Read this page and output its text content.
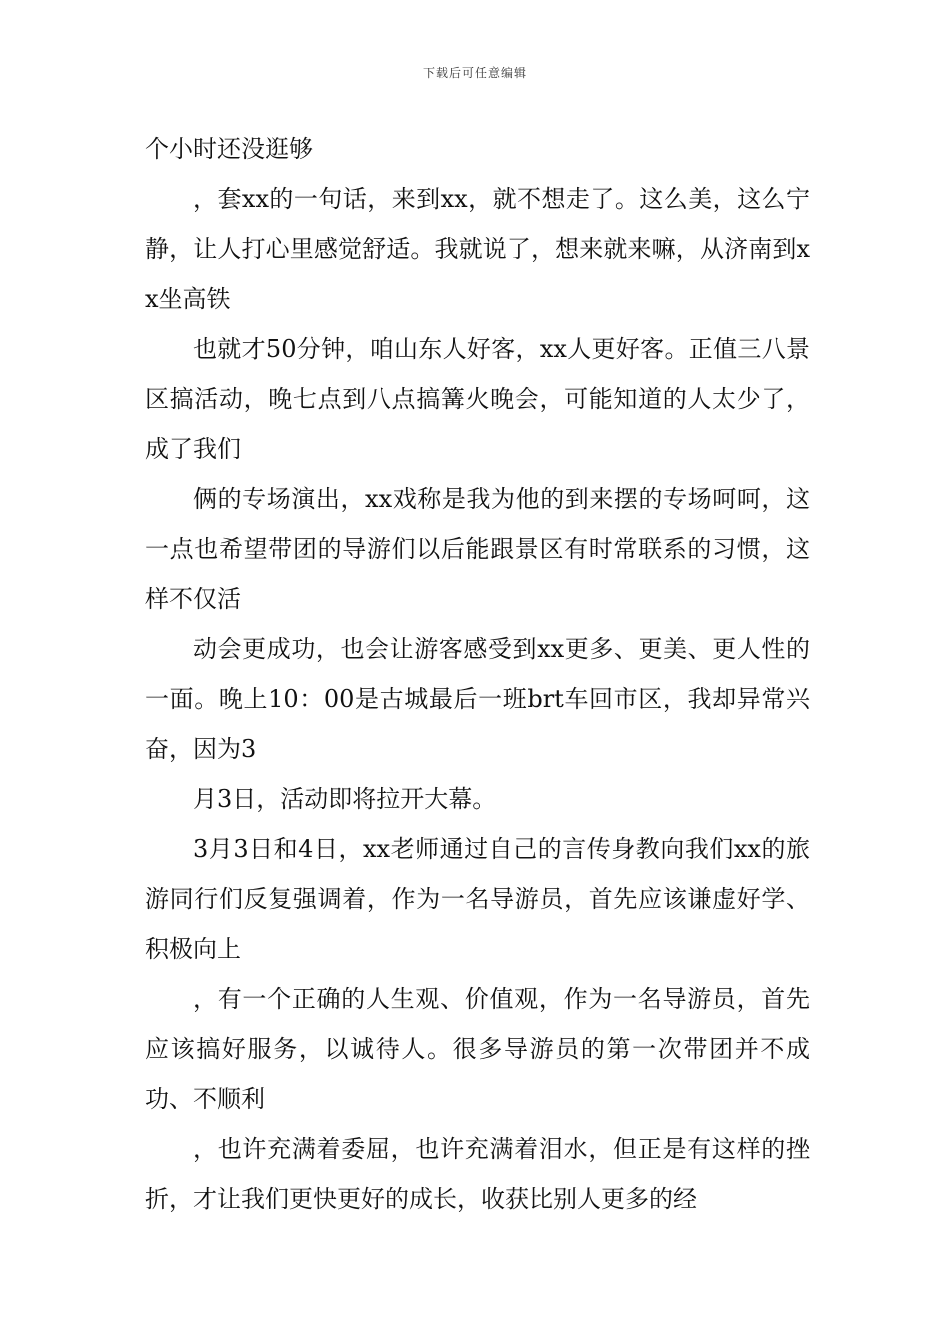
下载后可任意编辑

个小时还没逛够

，套xx的一句话，来到xx，就不想走了。这么美，这么宁静，让人打心里感觉舒适。我就说了，想来就来嘛，从济南到xx坐高铁

也就才50分钟，咱山东人好客，xx人更好客。正值三八景区搞活动，晚七点到八点搞篝火晚会，可能知道的人太少了，成了我们

俩的专场演出，xx戏称是我为他的到来摆的专场呵呵，这一点也希望带团的导游们以后能跟景区有时常联系的习惯，这样不仅活

动会更成功，也会让游客感受到xx更多、更美、更人性的一面。晚上10：00是古城最后一班brt车回市区，我却异常兴奋，因为3

月3日，活动即将拉开大幕。

3月3日和4日，xx老师通过自己的言传身教向我们xx的旅游同行们反复强调着，作为一名导游员，首先应该谦虚好学、积极向上

，有一个正确的人生观、价值观，作为一名导游员，首先应该搞好服务，以诚待人。很多导游员的第一次带团并不成功、不顺利

，也许充满着委屈，也许充满着泪水，但正是有这样的挫折，才让我们更快更好的成长，收获比别人更多的经
